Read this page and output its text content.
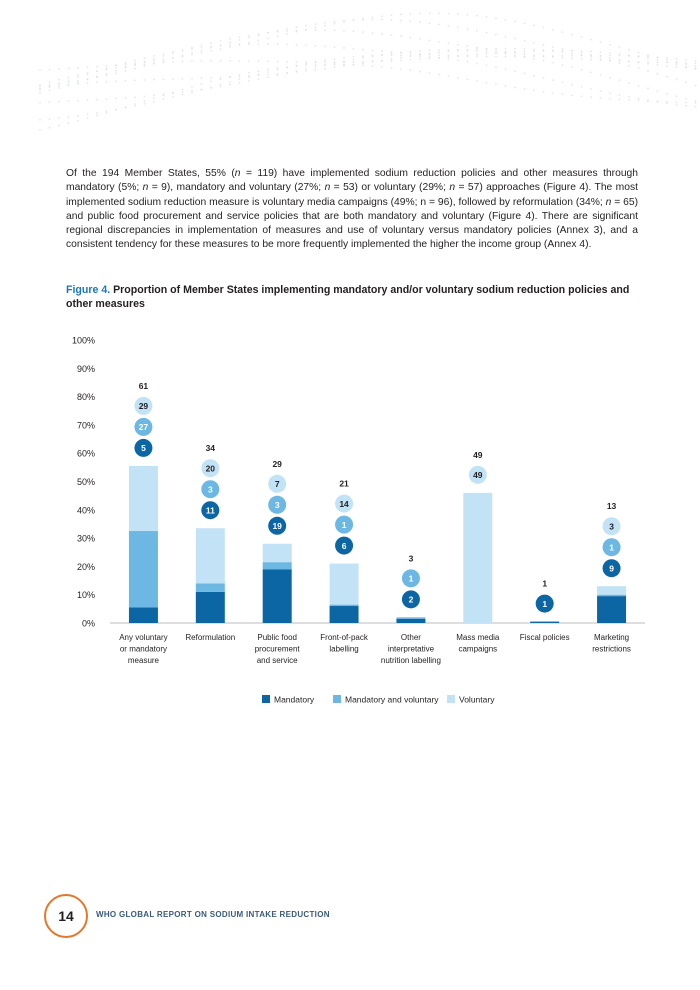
Of the 194 Member States, 55% (n = 119) have implemented sodium reduction policies and other measures through mandatory (5%; n = 9), mandatory and voluntary (27%; n = 53) or voluntary (29%; n = 57) approaches (Figure 4). The most implemented sodium reduction measure is voluntary media campaigns (49%; n = 96), followed by reformulation (34%; n = 65) and public food procurement and service policies that are both mandatory and voluntary (Figure 4). There are significant regional discrepancies in implementation of measures and use of voluntary versus mandatory policies (Annex 3), and a consistent tendency for these measures to be more frequently implemented the higher the income group (Annex 4).

Figure 4. Proportion of Member States implementing mandatory and/or voluntary sodium reduction policies and other measures

0%
10%
20%
30%
40%
50%
60%
70%
80%
90%
100%
5
27
29
61
Any voluntary or mandatory measure
11
3
20
34
Reformulation
19
3
7
29
Public food procurement and service
6
1
14
21
Front-of-pack labelling
2
1
3
Other interpretative nutrition labelling
49
49
Mass media campaigns
1
1
Fiscal policies
9
1
3
13
Marketing restrictions
Mandatory	Mandatory and voluntary Voluntary
14	WHO GLOBAL REPORT ON SODIUM INTAKE REDUCTION
